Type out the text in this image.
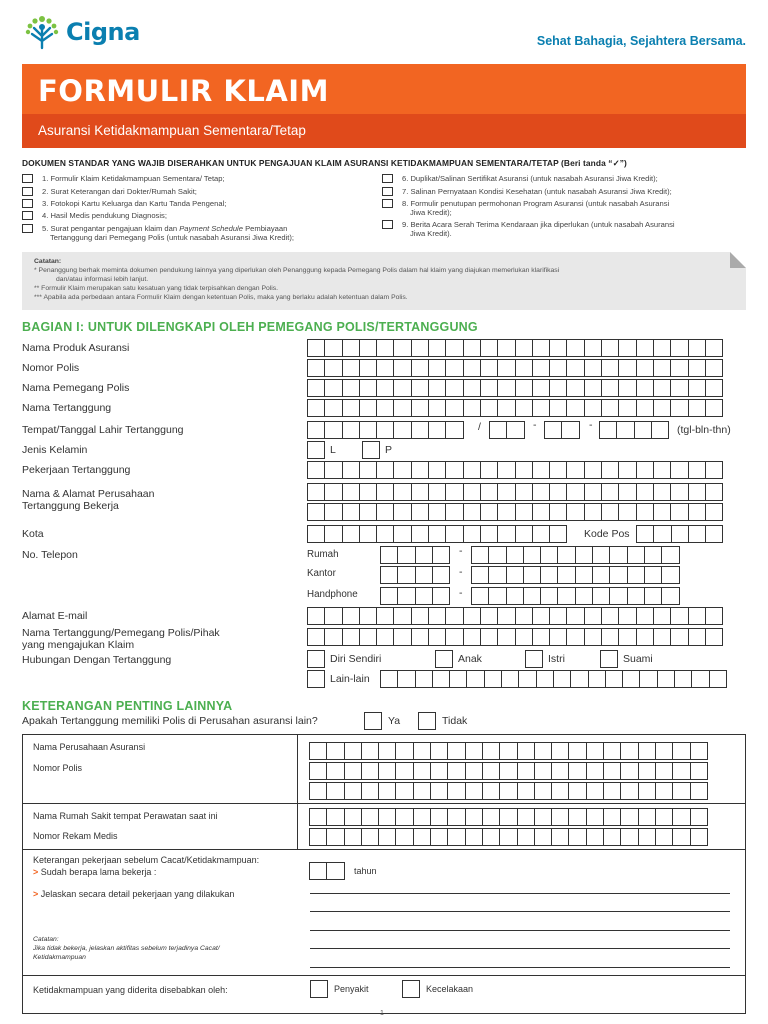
Cigna	Sehat Bahagia, Sejahtera Bersama.
FORMULIR KLAIM
Asuransi Ketidakmampuan Sementara/Tetap
DOKUMEN STANDAR YANG WAJIB DISERAHKAN UNTUK PENGAJUAN KLAIM ASURANSI KETIDAKMAMPUAN SEMENTARA/TETAP (Beri tanda “✓”)
1. Formulir Klaim Ketidakmampuan Sementara/ Tetap;
2. Surat Keterangan dari Dokter/Rumah Sakit;
3. Fotokopi Kartu Keluarga dan Kartu Tanda Pengenal;
4. Hasil Medis pendukung Diagnosis;
5. Surat pengantar pengajuan klaim dan Payment Schedule Pembiayaan
Tertanggung dari Pemegang Polis (untuk nasabah Asuransi Jiwa Kredit);
6. Duplikat/Salinan Sertifikat Asuransi (untuk nasabah Asuransi Jiwa Kredit);
7. Salinan Pernyataan Kondisi Kesehatan (untuk nasabah Asuransi Jiwa Kredit);
8. Formulir penutupan permohonan Program Asuransi (untuk nasabah Asuransi
Jiwa Kredit);
9. Berita Acara Serah Terima Kendaraan jika diperlukan (untuk nasabah Asuransi
Jiwa Kredit).
Catatan:
* Penanggung berhak meminta dokumen pendukung lainnya yang diperlukan oleh Penanggung kepada Pemegang Polis dalam hal klaim yang diajukan memerlukan klarifikasi
dan/atau informasi lebih lanjut.
** Formulir Klaim merupakan satu kesatuan yang tidak terpisahkan dengan Polis.
*** Apabila ada perbedaan antara Formulir Klaim dengan ketentuan Polis, maka yang berlaku adalah ketentuan dalam Polis.
BAGIAN I: UNTUK DILENGKAPI OLEH PEMEGANG POLIS/TERTANGGUNG
Nama Produk Asuransi
Nomor Polis
Nama Pemegang Polis
Nama Tertanggung
Tempat/Tanggal Lahir Tertanggung	/	-	-	(tgl-bln-thn)
Jenis Kelamin	L	P
Pekerjaan Tertanggung
Nama & Alamat Perusahaan
Tertanggung Bekerja
Kota	Kode Pos
No. Telepon	Rumah	-
Kantor	-
Handphone	-
Alamat E-mail
Nama Tertanggung/Pemegang Polis/Pihak
yang mengajukan Klaim
Hubungan Dengan Tertanggung	Diri Sendiri	Anak	Istri	Suami
Lain-lain
KETERANGAN PENTING LAINNYA
Apakah Tertanggung memiliki Polis di Perusahan asuransi lain?	Ya	Tidak
Nama Perusahaan Asuransi
Nomor Polis
Nama Rumah Sakit tempat Perawatan saat ini
Nomor Rekam Medis
Keterangan pekerjaan sebelum Cacat/Ketidakmampuan:
> Sudah berapa lama bekerja :
> Jelaskan secara detail pekerjaan yang dilakukan
Catatan:
Jika tidak bekerja, jelaskan aktifitas sebelum terjadinya Cacat/
Ketidakmampuan
Ketidakmampuan yang diderita disebabkan oleh:
tahun
Penyakit	Kecelakaan
1
